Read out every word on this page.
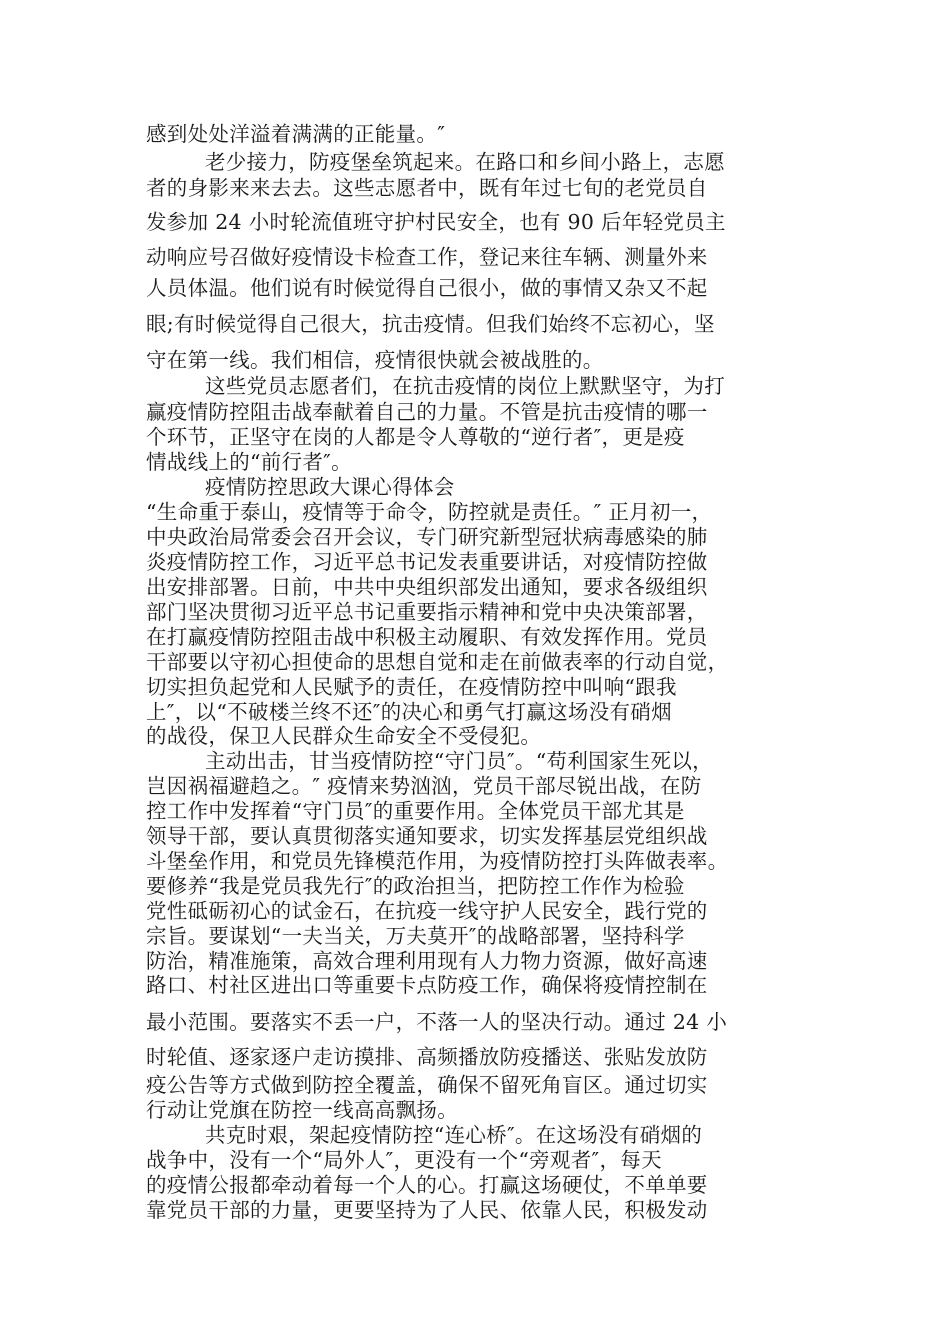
感到处处洋溢着满满的正能量。″
老少接力，防疫堡垒筑起来。在路口和乡间小路上，志愿
者的身影来来去去。这些志愿者中，既有年过七旬的老党员自
发参加 24 小时轮流值班守护村民安全，也有 90 后年轻党员主
动响应号召做好疫情设卡检查工作，登记来往车辆、测量外来
人员体温。他们说有时候觉得自己很小，做的事情又杂又不起
眼;有时候觉得自己很大，抗击疫情。但我们始终不忘初心，坚
守在第一线。我们相信，疫情很快就会被战胜的。
这些党员志愿者们，在抗击疫情的岗位上默默坚守，为打
赢疫情防控阻击战奉献着自己的力量。不管是抗击疫情的哪一
个环节，正坚守在岗的人都是令人尊敬的“逆行者″，更是疫
情战线上的“前行者″。
疫情防控思政大课心得体会
“生命重于泰山，疫情等于命令，防控就是责任。″ 正月初一，
中央政治局常委会召开会议，专门研究新型冠状病毒感染的肺
炎疫情防控工作，习近平总书记发表重要讲话，对疫情防控做
出安排部署。日前，中共中央组织部发出通知，要求各级组织
部门坚决贯彻习近平总书记重要指示精神和党中央决策部署，
在打赢疫情防控阻击战中积极主动履职、有效发挥作用。党员
干部要以守初心担使命的思想自觉和走在前做表率的行动自觉，
切实担负起党和人民赋予的责任，在疫情防控中叫响“跟我
上″，以“不破楼兰终不还″的决心和勇气打赢这场没有硝烟
的战役，保卫人民群众生命安全不受侵犯。
主动出击，甘当疫情防控“守门员″。“苟利国家生死以，
岂因祸福避趋之。″ 疫情来势汹汹，党员干部尽锐出战，在防
控工作中发挥着“守门员″的重要作用。全体党员干部尤其是
领导干部，要认真贯彻落实通知要求，切实发挥基层党组织战
斗堡垒作用，和党员先锋模范作用，为疫情防控打头阵做表率。
要修养“我是党员我先行″的政治担当，把防控工作作为检验
党性砥砺初心的试金石，在抗疫一线守护人民安全，践行党的
宗旨。要谋划“一夫当关，万夫莫开″的战略部署，坚持科学
防治，精准施策，高效合理利用现有人力物力资源，做好高速
路口、村社区进出口等重要卡点防疫工作，确保将疫情控制在
最小范围。要落实不丢一户，不落一人的坚决行动。通过 24 小
时轮值、逐家逐户走访摸排、高频播放防疫播送、张贴发放防
疫公告等方式做到防控全覆盖，确保不留死角盲区。通过切实
行动让党旗在防控一线高高飘扬。
共克时艰，架起疫情防控“连心桥″。在这场没有硝烟的
战争中，没有一个“局外人″，更没有一个“旁观者″，每天
的疫情公报都牵动着每一个人的心。打赢这场硬仗，不单单要
靠党员干部的力量，更要坚持为了人民、依靠人民，积极发动
